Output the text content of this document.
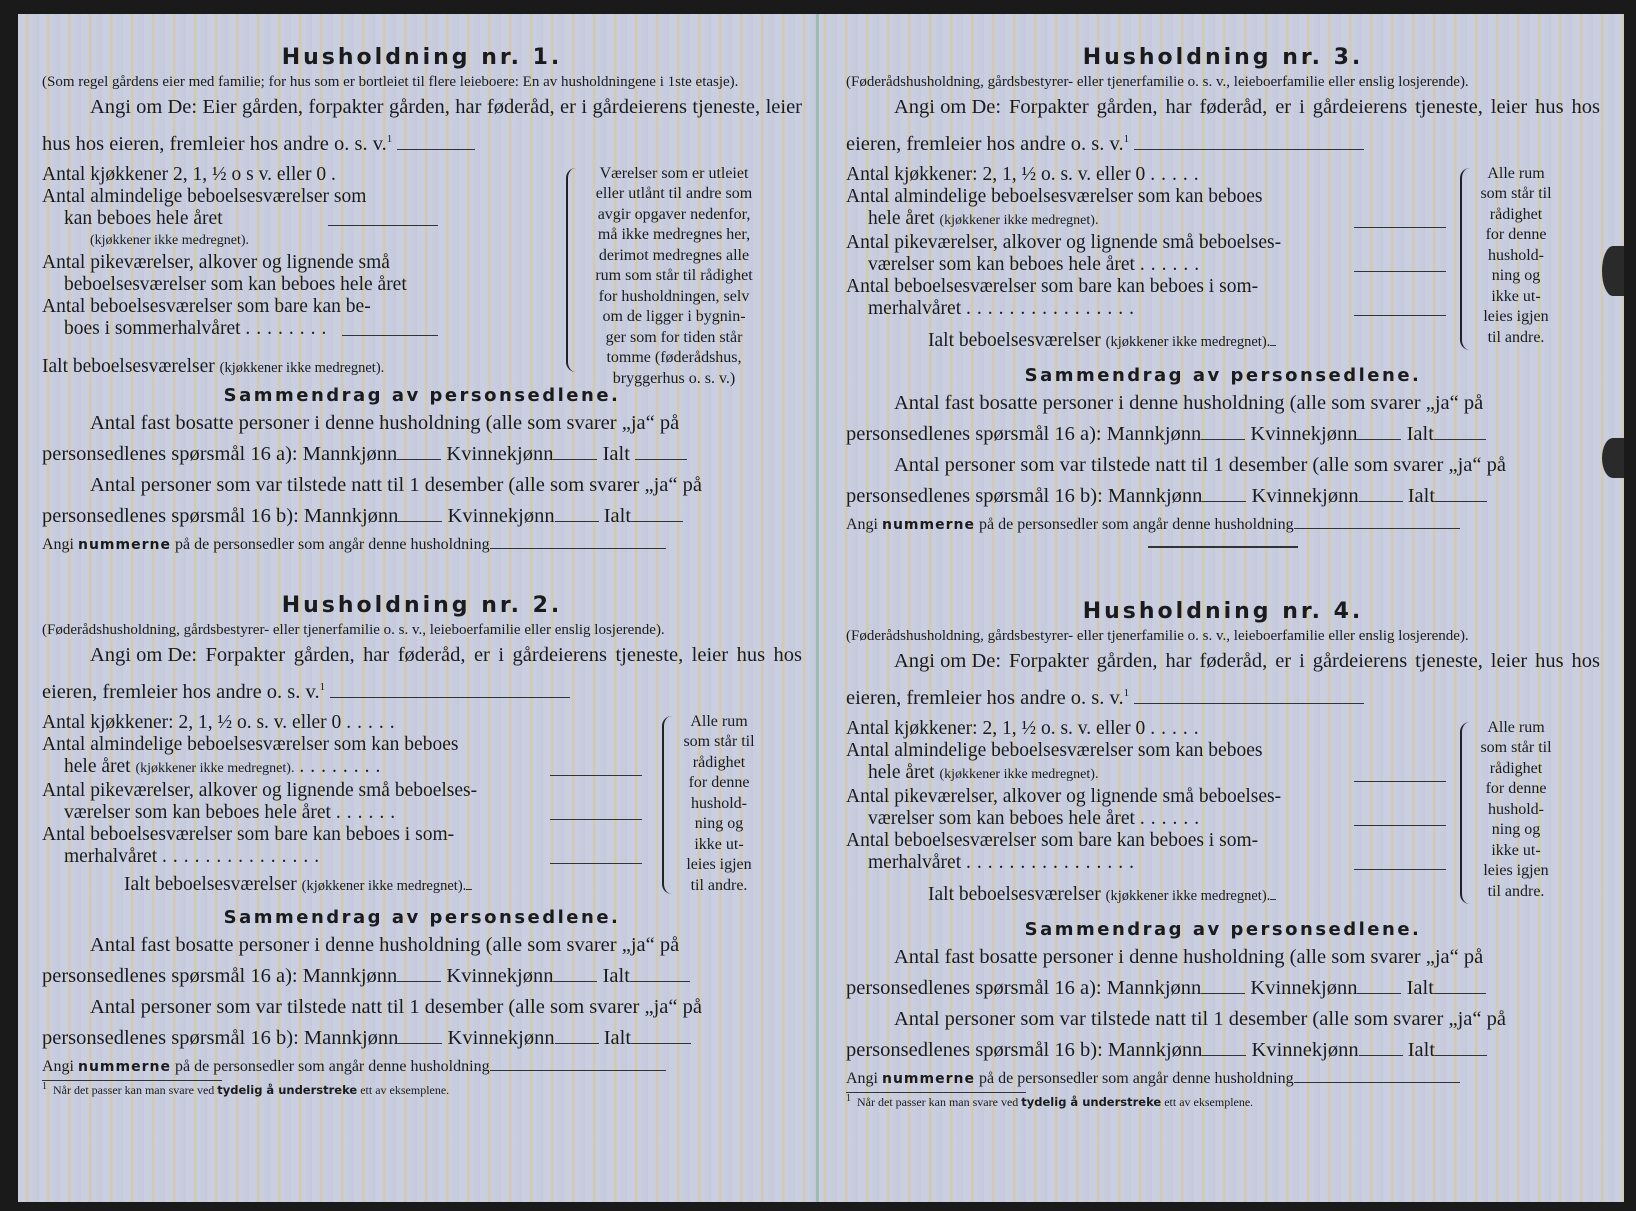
Husholdning nr. 1.

(Som regel gårdens eier med familie; for hus som er bortleiet til flere leieboere: En av husholdningene i 1ste etasje).

Angi om De: Eier gården, forpakter gården, har føderåd, er i gårdeierens tjeneste, leier hus hos eieren, fremleier hos andre o. s. v.$^1$

Antal kjøkkener 2, 1, ½ o s v. eller 0 .
Antal almindelige beboelsesværelser som
kan beboes hele året
(kjøkkener ikke medregnet).
Antal pikeværelser, alkover og lignende små
beboelsesværelser som kan beboes hele året
Antal beboelsesværelser som bare kan be-
boes i sommerhalvåret ........
Ialt beboelsesværelser (kjøkkener ikke medregnet).
Værelser som er utleiet
eller utlånt til andre som
avgir opgaver nedenfor,
må ikke medregnes her,
derimot medregnes alle
rum som står til rådighet
for husholdningen, selv
om de ligger i bygnin-
ger som for tiden står
tomme (føderådshus,
bryggerhus o. s. v.)
Sammendrag av personsedlene.
Antal fast bosatte personer i denne husholdning (alle som svarer „ja“ på
personsedlenes spørsmål 16 a): Mannkjønn Kvinnekjønn Ialt
Antal personer som var tilstede natt til 1 desember (alle som svarer „ja“ på
personsedlenes spørsmål 16 b): Mannkjønn Kvinnekjønn Ialt

Angi nummerne på de personsedler som angår denne husholdning

Husholdning nr. 2.

(Føderådshusholdning, gårdsbestyrer- eller tjenerfamilie o. s. v., leieboerfamilie eller enslig losjerende).

Angi om De: Forpakter gården, har føderåd, er i gårdeierens tjeneste, leier hus hos eieren, fremleier hos andre o. s. v.$^1$

Antal kjøkkener: 2, 1, ½ o. s. v. eller 0 .....
Antal almindelige beboelsesværelser som kan beboes
hele året (kjøkkener ikke medregnet). ........
Antal pikeværelser, alkover og lignende små beboelses-
værelser som kan beboes hele året ......
Antal beboelsesværelser som bare kan beboes i som-
merhalvåret ...............
Ialt beboelsesværelser (kjøkkener ikke medregnet).
Alle rum
som står til
rådighet
for denne
hushold-
ning og
ikke ut-
leies igjen
til andre.
Sammendrag av personsedlene.
Antal fast bosatte personer i denne husholdning (alle som svarer „ja“ på
personsedlenes spørsmål 16 a): Mannkjønn Kvinnekjønn Ialt
Antal personer som var tilstede natt til 1 desember (alle som svarer „ja“ på
personsedlenes spørsmål 16 b): Mannkjønn Kvinnekjønn Ialt

Angi nummerne på de personsedler som angår denne husholdning

$^1$ Når det passer kan man svare ved tydelig å understreke ett av eksemplene.

Husholdning nr. 3.

(Føderådshusholdning, gårdsbestyrer- eller tjenerfamilie o. s. v., leieboerfamilie eller enslig losjerende).

Angi om De: Forpakter gården, har føderåd, er i gårdeierens tjeneste, leier hus hos eieren, fremleier hos andre o. s. v.$^1$

Antal kjøkkener: 2, 1, ½ o. s. v. eller 0 .....
Antal almindelige beboelsesværelser som kan beboes
hele året (kjøkkener ikke medregnet).
Antal pikeværelser, alkover og lignende små beboelses-
værelser som kan beboes hele året ......
Antal beboelsesværelser som bare kan beboes i som-
merhalvåret ................
Ialt beboelsesværelser (kjøkkener ikke medregnet).
Alle rum
som står til
rådighet
for denne
hushold-
ning og
ikke ut-
leies igjen
til andre.
Sammendrag av personsedlene.
Antal fast bosatte personer i denne husholdning (alle som svarer „ja“ på
personsedlenes spørsmål 16 a): Mannkjønn Kvinnekjønn Ialt
Antal personer som var tilstede natt til 1 desember (alle som svarer „ja“ på
personsedlenes spørsmål 16 b): Mannkjønn Kvinnekjønn Ialt

Angi nummerne på de personsedler som angår denne husholdning

Husholdning nr. 4.

(Føderådshusholdning, gårdsbestyrer- eller tjenerfamilie o. s. v., leieboerfamilie eller enslig losjerende).

Angi om De: Forpakter gården, har føderåd, er i gårdeierens tjeneste, leier hus hos eieren, fremleier hos andre o. s. v.$^1$

Antal kjøkkener: 2, 1, ½ o. s. v. eller 0 .....
Antal almindelige beboelsesværelser som kan beboes
hele året (kjøkkener ikke medregnet).
Antal pikeværelser, alkover og lignende små beboelses-
værelser som kan beboes hele året ......
Antal beboelsesværelser som bare kan beboes i som-
merhalvåret ................
Ialt beboelsesværelser (kjøkkener ikke medregnet).
Alle rum
som står til
rådighet
for denne
hushold-
ning og
ikke ut-
leies igjen
til andre.
Sammendrag av personsedlene.
Antal fast bosatte personer i denne husholdning (alle som svarer „ja“ på
personsedlenes spørsmål 16 a): Mannkjønn Kvinnekjønn Ialt
Antal personer som var tilstede natt til 1 desember (alle som svarer „ja“ på
personsedlenes spørsmål 16 b): Mannkjønn Kvinnekjønn Ialt

Angi nummerne på de personsedler som angår denne husholdning

$^1$ Når det passer kan man svare ved tydelig å understreke ett av eksemplene.
